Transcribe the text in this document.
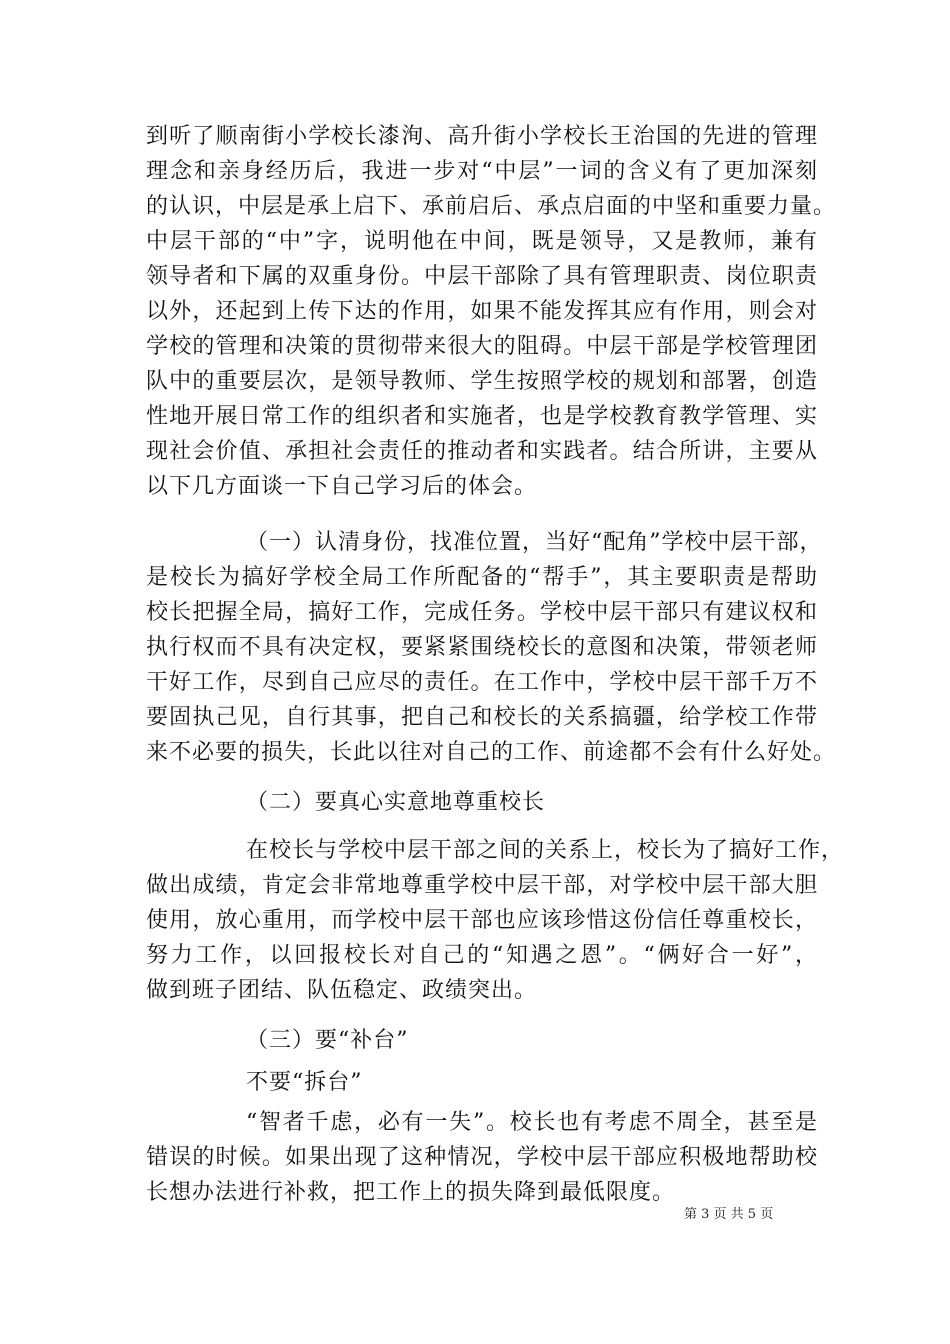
到听了顺南街小学校长漆洵、高升街小学校长王治国的先进的管理
理念和亲身经历后，我进一步对“中层”一词的含义有了更加深刻
的认识，中层是承上启下、承前启后、承点启面的中坚和重要力量。
中层干部的“中”字，说明他在中间，既是领导，又是教师，兼有
领导者和下属的双重身份。中层干部除了具有管理职责、岗位职责
以外，还起到上传下达的作用，如果不能发挥其应有作用，则会对
学校的管理和决策的贯彻带来很大的阻碍。中层干部是学校管理团
队中的重要层次，是领导教师、学生按照学校的规划和部署，创造
性地开展日常工作的组织者和实施者，也是学校教育教学管理、实
现社会价值、承担社会责任的推动者和实践者。结合所讲，主要从
以下几方面谈一下自己学习后的体会。
（一）认清身份，找准位置，当好“配角”学校中层干部，
是校长为搞好学校全局工作所配备的“帮手”，其主要职责是帮助
校长把握全局，搞好工作，完成任务。学校中层干部只有建议权和
执行权而不具有决定权，要紧紧围绕校长的意图和决策，带领老师
干好工作，尽到自己应尽的责任。在工作中，学校中层干部千万不
要固执己见，自行其事，把自己和校长的关系搞疆，给学校工作带
来不必要的损失，长此以往对自己的工作、前途都不会有什么好处。
（二）要真心实意地尊重校长
在校长与学校中层干部之间的关系上，校长为了搞好工作，
做出成绩，肯定会非常地尊重学校中层干部，对学校中层干部大胆
使用，放心重用，而学校中层干部也应该珍惜这份信任尊重校长，
努力工作，以回报校长对自己的“知遇之恩”。“俩好合一好”，
做到班子团结、队伍稳定、政绩突出。
（三）要“补台”
不要“拆台”
“智者千虑，必有一失”。校长也有考虑不周全，甚至是
错误的时候。如果出现了这种情况，学校中层干部应积极地帮助校
长想办法进行补救，把工作上的损失降到最低限度。
第 3 页 共 5 页
